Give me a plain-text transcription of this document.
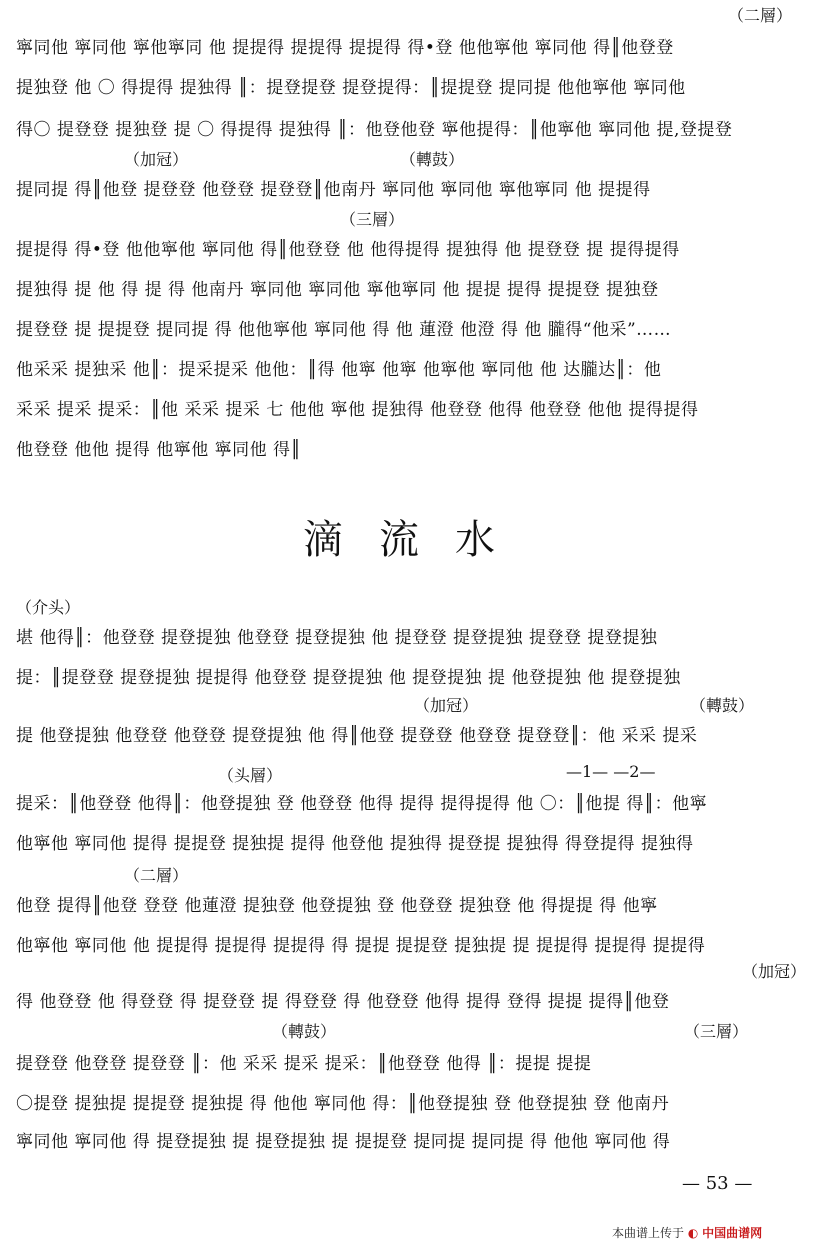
（二層）
寧同他 寧同他 寧他寧同 他 提提得 提提得 提提得 得•登 他他寧他 寧同他 得║他登登
提独登 他 〇 得提得 提独得 ║：提登提登 提登提得：║提提登 提同提 他他寧他 寧同他
得〇 提登登 提独登 提 〇 得提得 提独得 ║：他登他登 寧他提得：║他寧他 寧同他 提,登提登
（加冠）	（轉鼓）
提同提 得║他登 提登登 他登登 提登登║他南丹 寧同他 寧同他 寧他寧同 他 提提得
（三層）
提提得 得•登 他他寧他 寧同他 得║他登登 他 他得提得 提独得 他 提登登 提 提得提得
提独得 提 他 得 提 得 他南丹 寧同他 寧同他 寧他寧同 他 提提 提得 提提登 提独登
提登登 提 提提登 提同提 得 他他寧他 寧同他 得 他 蓮澄 他澄 得 他 朧得“他采”……
他采采 提独采 他║：提采提采 他他：║得 他寧 他寧 他寧他 寧同他 他 达朧达║：他
采采 提采 提采：║他 采采 提采 七 他他 寧他 提独得 他登登 他得 他登登 他他 提得提得
他登登 他他 提得 他寧他 寧同他 得║
滴流水
（介头）
堪 他得║：他登登 提登提独 他登登 提登提独 他 提登登 提登提独 提登登 提登提独
提：║提登登 提登提独 提提得 他登登 提登提独 他 提登提独 提 他登提独 他 提登提独
（加冠）	（轉鼓）
提 他登提独 他登登 他登登 提登提独 他 得║他登 提登登 他登登 提登登║：他 采采 提采
（头層）	—1— —2—
提采：║他登登 他得║：他登提独 登 他登登 他得 提得 提得提得 他 〇：║他提 得║：他寧
他寧他 寧同他 提得 提提登 提独提 提得 他登他 提独得 提登提 提独得 得登提得 提独得
（二層）
他登 提得║他登 登登 他蓮澄 提独登 他登提独 登 他登登 提独登 他 得提提 得 他寧
他寧他 寧同他 他 提提得 提提得 提提得 得 提提 提提登 提独提 提 提提得 提提得 提提得
（加冠）
得 他登登 他 得登登 得 提登登 提 得登登 得 他登登 他得 提得 登得 提提 提得║他登
（轉鼓）	（三層）
提登登 他登登 提登登 ║：他 采采 提采 提采：║他登登 他得 ║：提提 提提
〇提登 提独提 提提登 提独提 得 他他 寧同他 得：║他登提独 登 他登提独 登 他南丹
寧同他 寧同他 得 提登提独 提 提登提独 提 提提登 提同提 提同提 得 他他 寧同他 得
— 53 —
本曲谱上传于 ◐ 中国曲谱网
